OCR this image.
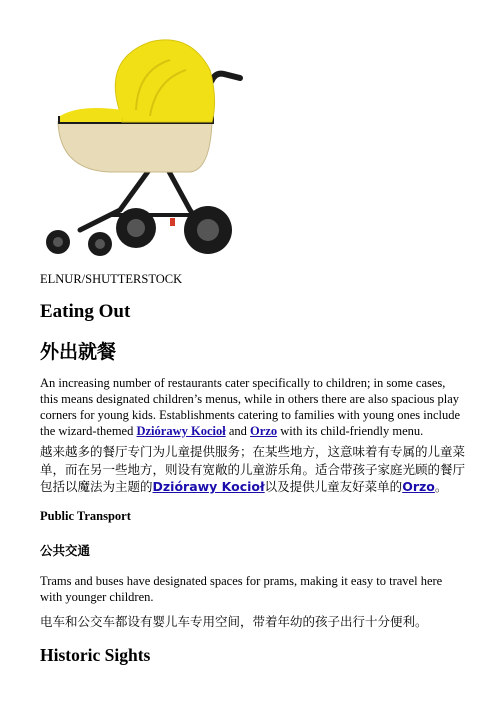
ELNUR/SHUTTERSTOCK
Eating Out
外出就餐

An increasing number of restaurants cater specifically to children; in some cases, this means designated children’s menus, while in others there are also spacious play corners for young kids. Establishments catering to families with young ones include the wizard-themed Dziórawy Kocioł and Orzo with its child-friendly menu.

越来越多的餐厅专门为儿童提供服务；在某些地方，这意味着有专属的儿童菜单，而在另一些地方，则设有宽敞的儿童游乐角。适合带孩子家庭光顾的餐厅包括以魔法为主题的Dziórawy Kocioł以及提供儿童友好菜单的Orzo。

Public Transport
公共交通

Trams and buses have designated spaces for prams, making it easy to travel here with younger children.

电车和公交车都设有婴儿车专用空间，带着年幼的孩子出行十分便利。

Historic Sights
